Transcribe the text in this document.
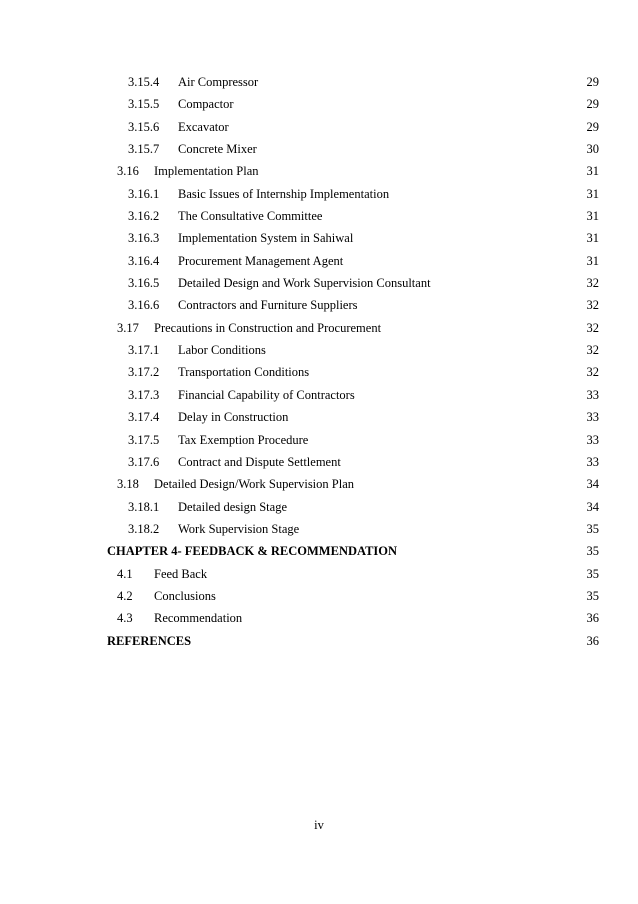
3.15.4 Air Compressor	29
3.15.5 Compactor	29
3.15.6 Excavator	29
3.15.7 Concrete Mixer	30
3.16 Implementation Plan	31
3.16.1 Basic Issues of Internship Implementation	31
3.16.2 The Consultative Committee	31
3.16.3 Implementation System in Sahiwal	31
3.16.4 Procurement Management Agent	31
3.16.5 Detailed Design and Work Supervision Consultant	32
3.16.6 Contractors and Furniture Suppliers	32
3.17 Precautions in Construction and Procurement	32
3.17.1 Labor Conditions	32
3.17.2 Transportation Conditions	32
3.17.3 Financial Capability of Contractors	33
3.17.4 Delay in Construction	33
3.17.5 Tax Exemption Procedure	33
3.17.6 Contract and Dispute Settlement	33
3.18 Detailed Design/Work Supervision Plan	34
3.18.1 Detailed design Stage	34
3.18.2 Work Supervision Stage	35
CHAPTER 4- FEEDBACK & RECOMMENDATION	35
4.1 Feed Back	35
4.2 Conclusions	35
4.3 Recommendation	36
REFERENCES	36
iv
